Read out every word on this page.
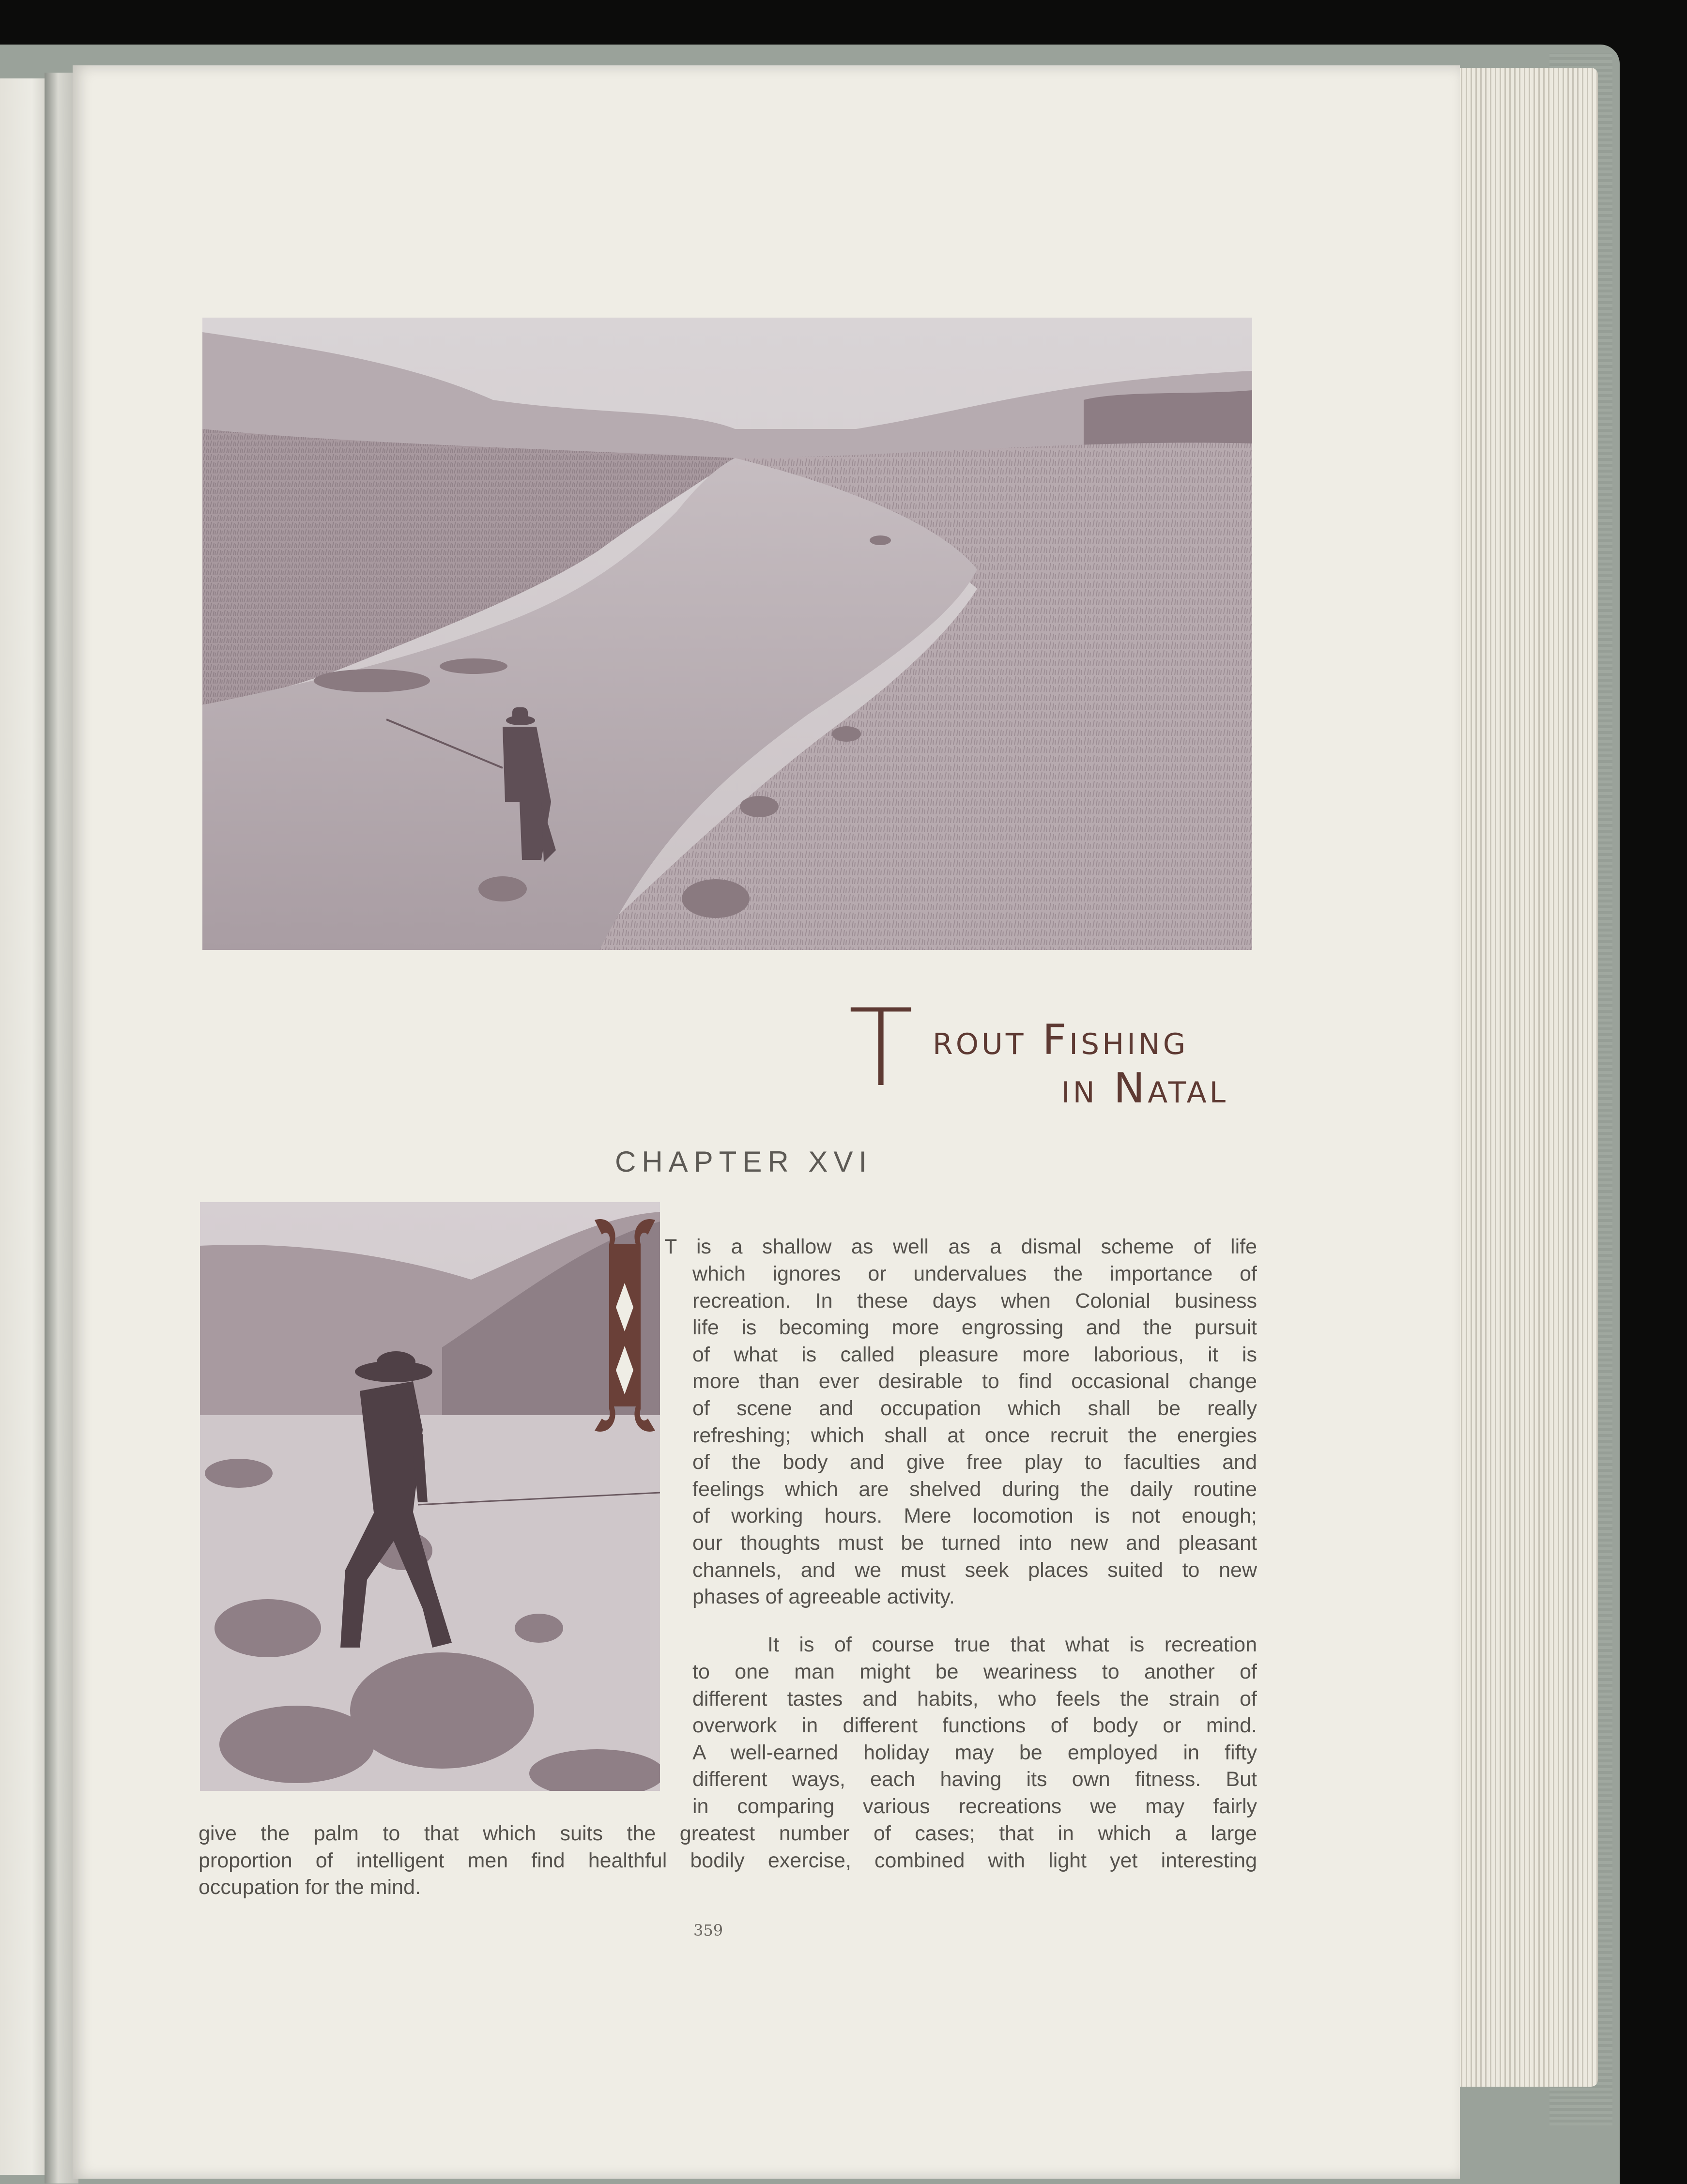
T rout Fishing
in Natal
CHAPTER XVI
I
T is a shallow as well as a dismal scheme of life
which ignores or undervalues the importance of
recreation. In these days when Colonial business
life is becoming more engrossing and the pursuit
of what is called pleasure more laborious, it is
more than ever desirable to find occasional change
of scene and occupation which shall be really
refreshing; which shall at once recruit the energies
of the body and give free play to faculties and
feelings which are shelved during the daily routine
of working hours. Mere locomotion is not enough;
our thoughts must be turned into new and pleasant
channels, and we must seek places suited to new
phases of agreeable activity.
It is of course true that what is recreation
to one man might be weariness to another of
different tastes and habits, who feels the strain of
overwork in different functions of body or mind.
A well-earned holiday may be employed in fifty
different ways, each having its own fitness. But
in comparing various recreations we may fairly
give the palm to that which suits the greatest number of cases; that in which a large
proportion of intelligent men find healthful bodily exercise, combined with light yet interesting
occupation for the mind.
359
